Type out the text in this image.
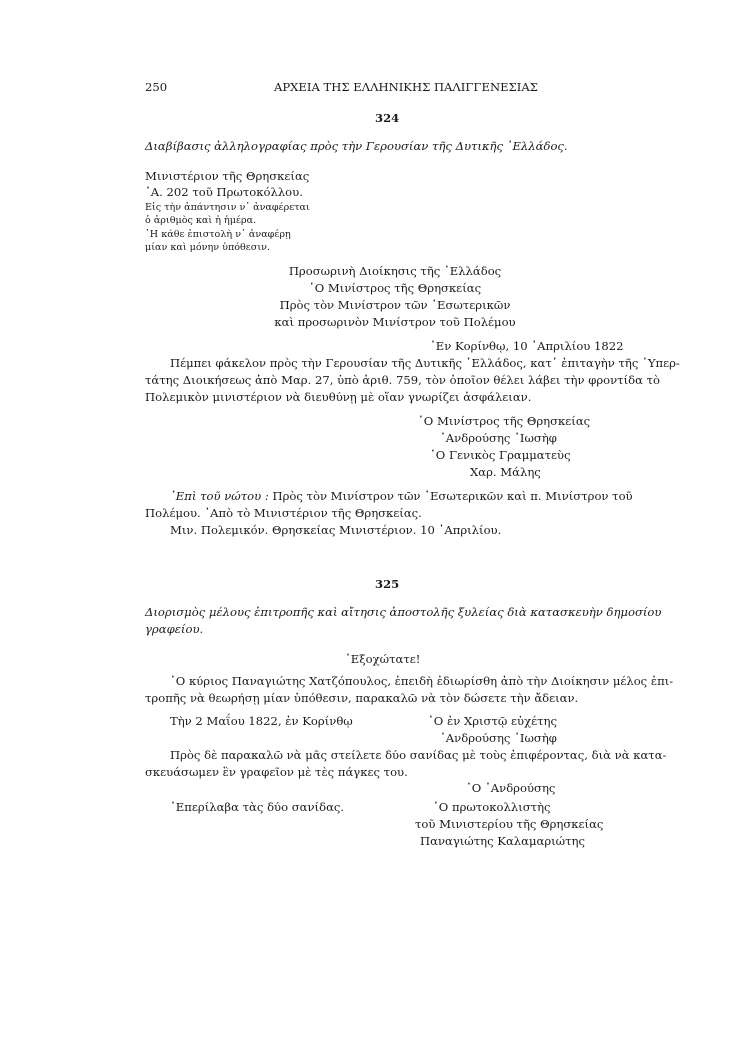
250	ΑΡΧΕΙΑ ΤΗΣ ΕΛΛΗΝΙΚΗΣ ΠΑΛΙΓΓΕΝΕΣΙΑΣ
324
Διαβίβασις ἀλληλογραφίας πρὸς τὴν Γερουσίαν τῆς Δυτικῆς ῾Ελλάδος.
Μινιστέριον τῆς Θρησκείας
᾿Α. 202 τοῦ Πρωτοκόλλου.
Εἰς τὴν ἀπάντησιν ν᾿ ἀναφέρεται
ὁ ἀριθμὸς καὶ ἡ ἡμέρα.
῾Η κάθε ἐπιστολὴ ν᾿ ἀναφέρῃ
μίαν καὶ μόνην ὑπόθεσιν.
Προσωρινὴ Διοίκησις τῆς ῾Ελλάδος
῾Ο Μινίστρος τῆς Θρησκείας
Πρὸς τὸν Μινίστρον τῶν ᾿Εσωτερικῶν
καὶ προσωρινὸν Μινίστρον τοῦ Πολέμου
᾿Εν Κορίνθῳ, 10 ᾿Απριλίου 1822
Πέμπει φάκελον πρὸς τὴν Γερουσίαν τῆς Δυτικῆς ῾Ελλάδος, κατ᾿ ἐπιταγὴν τῆς ῾Υπερ-
τάτης Διοικήσεως ἀπὸ Μαρ. 27, ὑπὸ ἀριθ. 759, τὸν ὁποῖον θέλει λάβει τὴν φροντίδα τὸ
Πολεμικὸν μινιστέριον νὰ διευθύνῃ μὲ οἵαν γνωρίζει ἀσφάλειαν.
῾Ο Μινίστρος τῆς Θρησκείας
᾿Ανδρούσης ᾿Ιωσὴφ
῾Ο Γενικὸς Γραμματεὺς
Χαρ. Μάλης
᾿Επὶ τοῦ νώτου : Πρὸς τὸν Μινίστρον τῶν ᾿Εσωτερικῶν καὶ π. Μινίστρον τοῦ
Πολέμου. ᾿Απὸ τὸ Μινιστέριον τῆς Θρησκείας.
Μιν. Πολεμικόν. Θρησκείας Μινιστέριον. 10 ᾿Απριλίου.
325
Διορισμὸς μέλους ἐπιτροπῆς καὶ αἴτησις ἀποστολῆς ξυλείας διὰ κατασκευὴν δημοσίου
γραφείου.
᾿Εξοχώτατε!
῾Ο κύριος Παναγιώτης Χατζόπουλος, ἐπειδὴ ἐδιωρίσθη ἀπὸ τὴν Διοίκησιν μέλος ἐπι-
τροπῆς νὰ θεωρήσῃ μίαν ὑπόθεσιν, παρακαλῶ νὰ τὸν δώσετε τὴν ἄδειαν.
Τὴν 2 Μαΐου 1822, ἐν Κορίνθῳ	῾Ο ἐν Χριστῷ εὐχέτης
᾿Ανδρούσης ᾿Ιωσὴφ
Πρὸς δὲ παρακαλῶ νὰ μᾶς στείλετε δύο σανίδας μὲ τοὺς ἐπιφέροντας, διὰ νὰ κατα-
σκευάσωμεν ἓν γραφεῖον μὲ τὲς πάγκες του.
῾Ο ᾿Ανδρούσης
᾿Επερίλαβα τὰς δύο σανίδας.	῾Ο πρωτοκολλιστὴς
τοῦ Μινιστερίου τῆς Θρησκείας
Παναγιώτης Καλαμαριώτης
